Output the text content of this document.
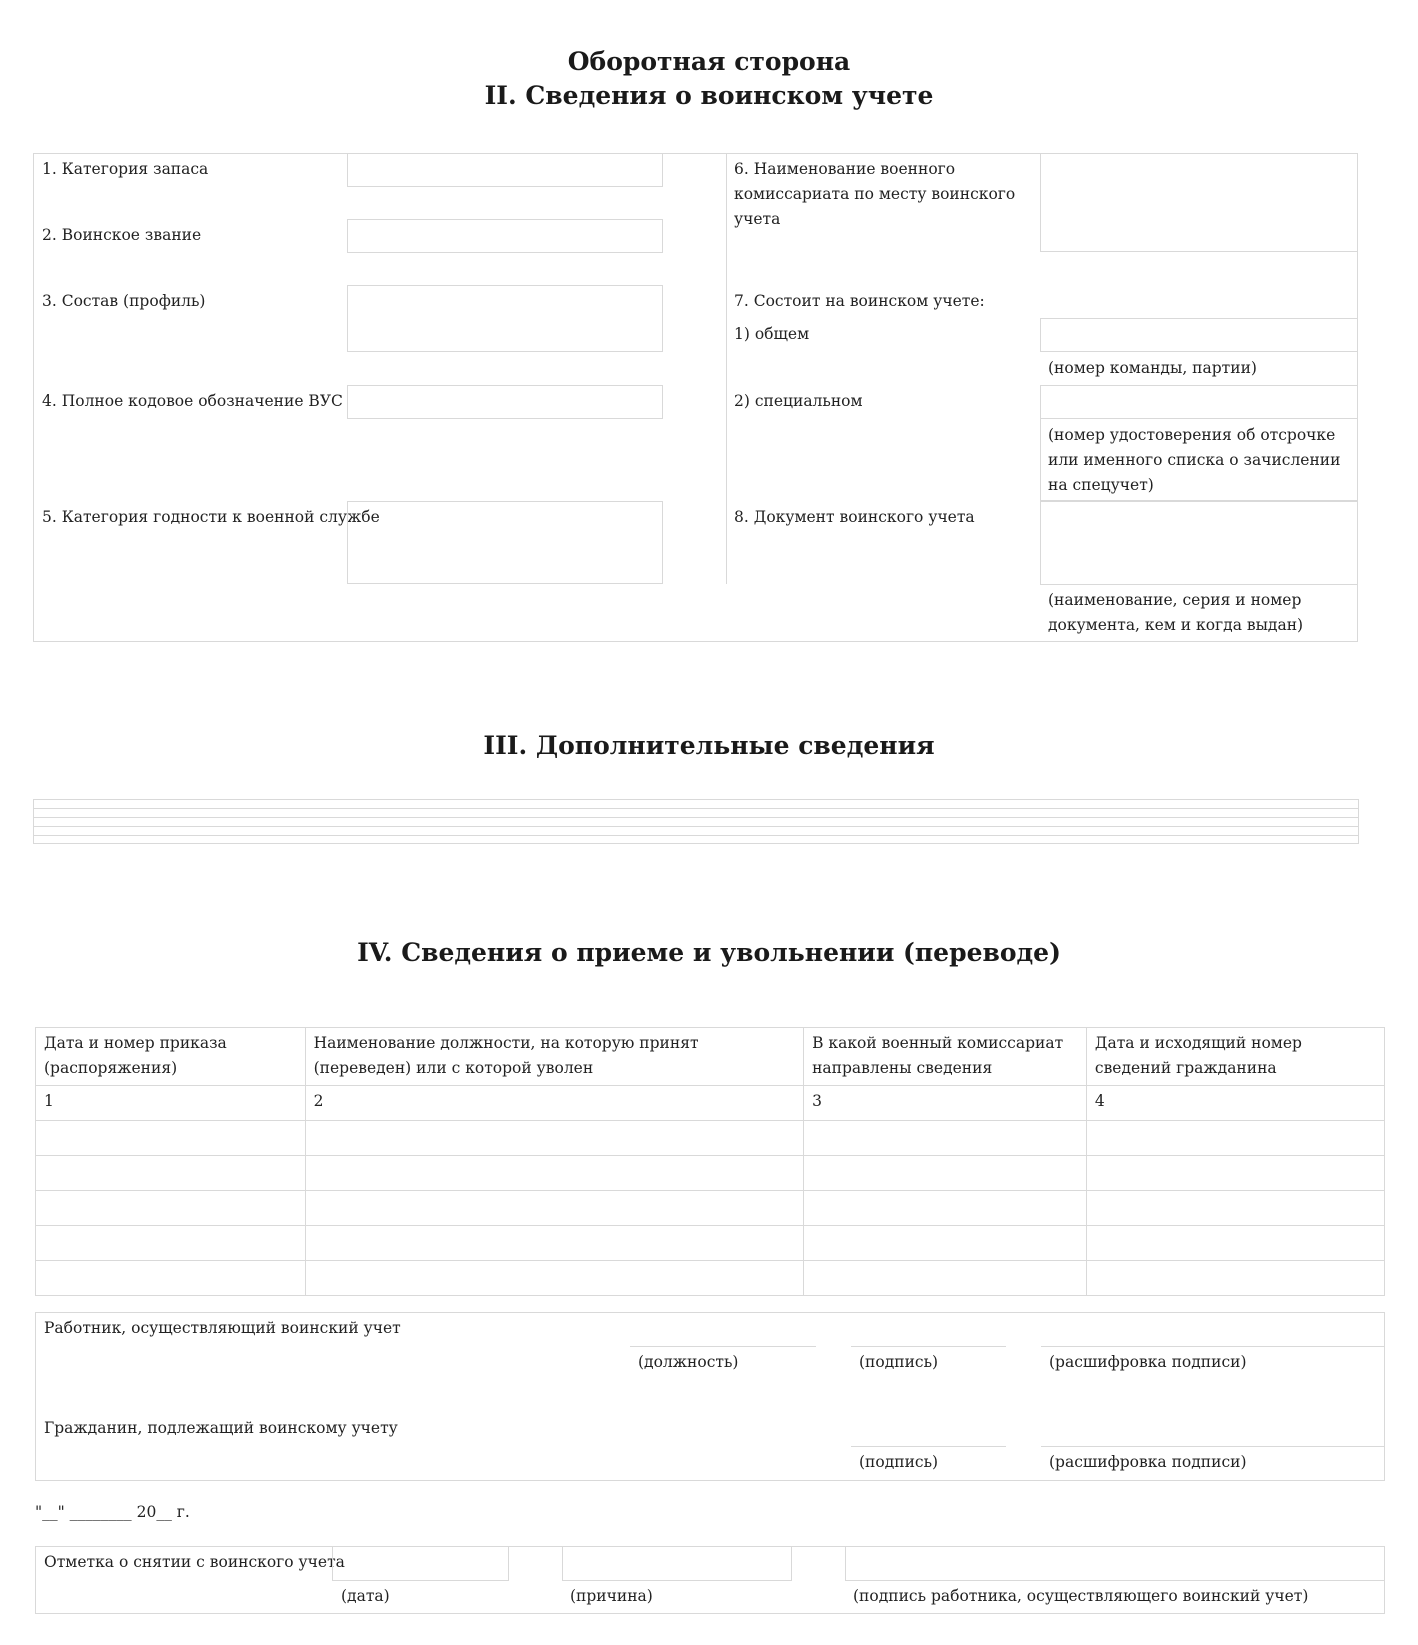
Оборотная сторона
II. Сведения о воинском учете
1. Категория запаса
2. Воинское звание
3. Состав (профиль)
4. Полное кодовое обозначение ВУС
5. Категория годности к военной службе
6. Наименование военного комиссариата по месту воинского учета
7. Состоит на воинском учете:
1) общем
(номер команды, партии)
2) специальном
(номер удостоверения об отсрочке или именного списка о зачислении на спецучет)
8. Документ воинского учета
(наименование, серия и номер документа, кем и когда выдан)
III. Дополнительные сведения
IV. Сведения о приеме и увольнении (переводе)
Дата и номер приказа (распоряжения)	Наименование должности, на которую принят (переведен) или с которой уволен	В какой военный комиссариат направлены сведения	Дата и исходящий номер сведений гражданина
1	2	3	4

Работник, осуществляющий воинский учет
(должность)	(подпись)	(расшифровка подписи)
Гражданин, подлежащий воинскому учету
(подпись)	(расшифровка подписи)
"__" ________ 20__ г.
Отметка о снятии с воинского учета
(дата)	(причина)	(подпись работника, осуществляющего воинский учет)
